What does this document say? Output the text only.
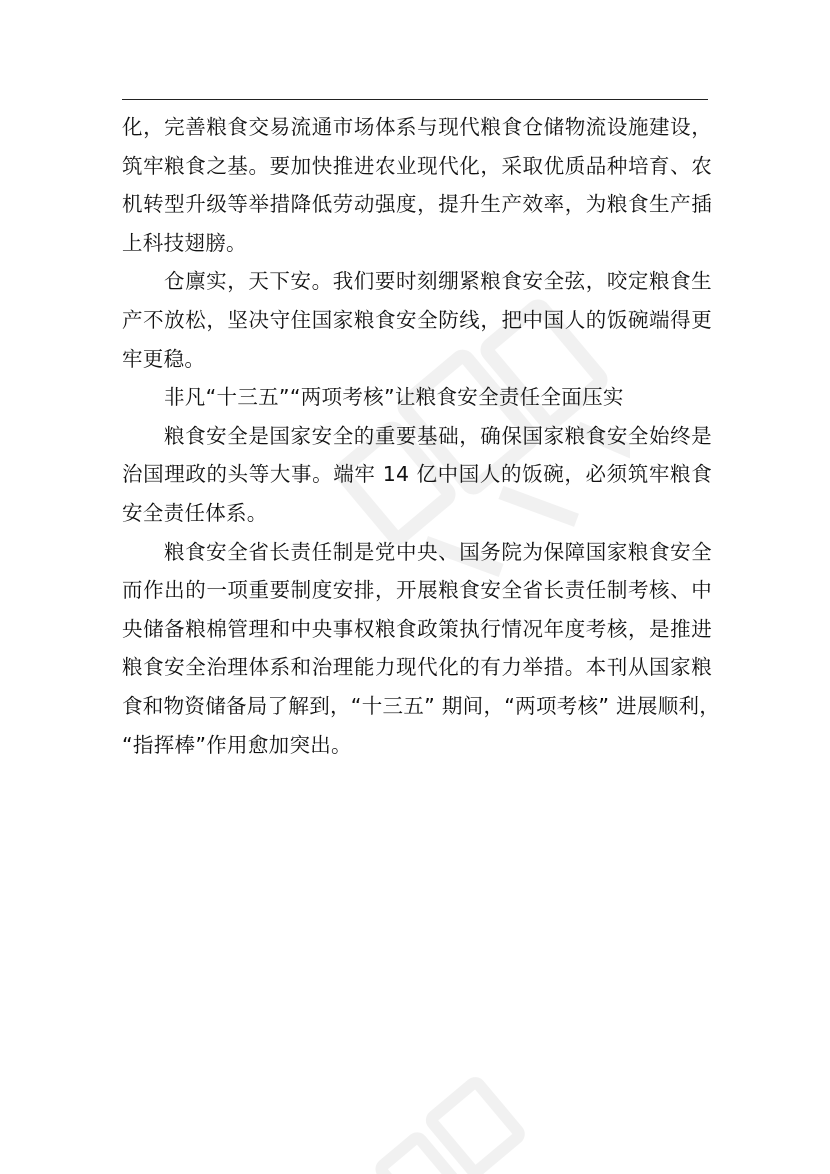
化，完善粮食交易流通市场体系与现代粮食仓储物流设施建设，
筑牢粮食之基。要加快推进农业现代化，采取优质品种培育、农
机转型升级等举措降低劳动强度，提升生产效率，为粮食生产插
上科技翅膀。
仓廪实，天下安。我们要时刻绷紧粮食安全弦，咬定粮食生
产不放松，坚决守住国家粮食安全防线，把中国人的饭碗端得更
牢更稳。
非凡“十三五”“两项考核”让粮食安全责任全面压实
粮食安全是国家安全的重要基础，确保国家粮食安全始终是
治国理政的头等大事。端牢 14 亿中国人的饭碗，必须筑牢粮食
安全责任体系。
粮食安全省长责任制是党中央、国务院为保障国家粮食安全
而作出的一项重要制度安排，开展粮食安全省长责任制考核、中
央储备粮棉管理和中央事权粮食政策执行情况年度考核，是推进
粮食安全治理体系和治理能力现代化的有力举措。本刊从国家粮
食和物资储备局了解到，“十三五” 期间，“两项考核” 进展顺利，
“指挥棒”作用愈加突出。
